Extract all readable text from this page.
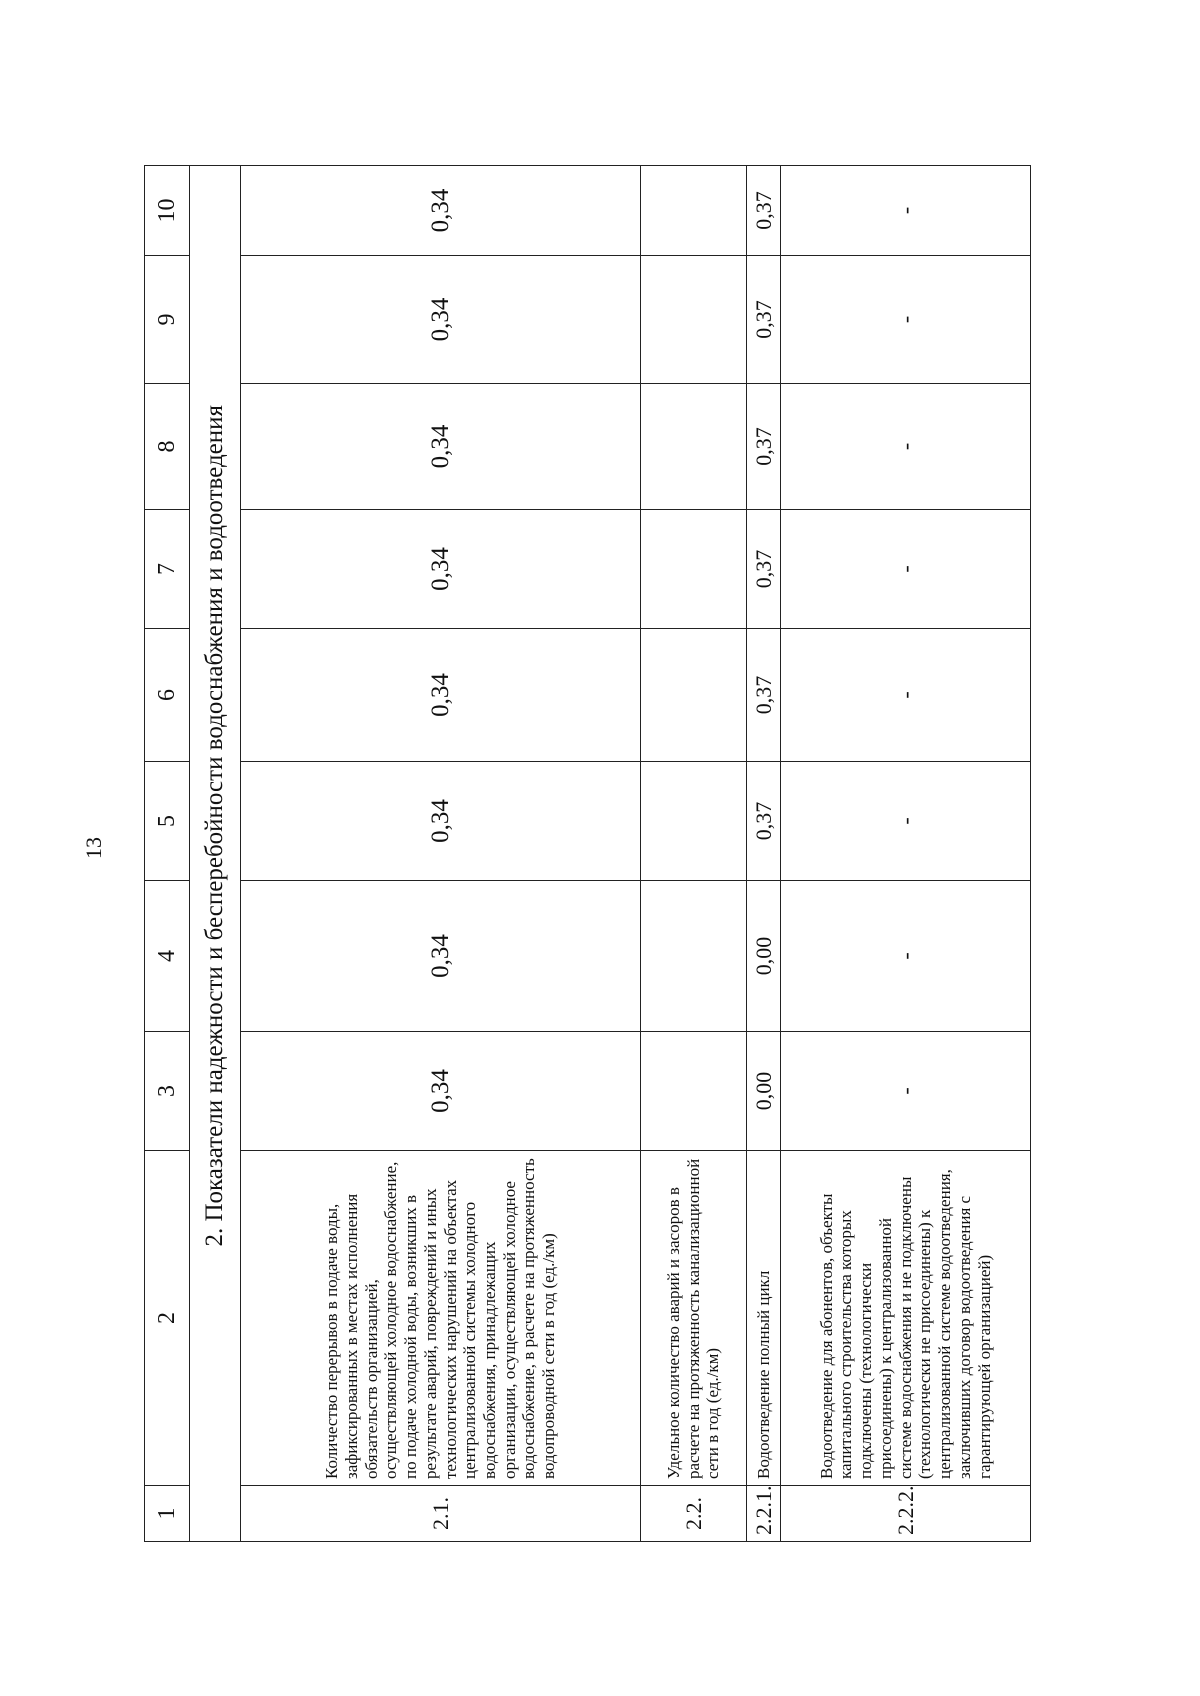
13
1	2	3	4	5	6	7	8	9	10
	2. Показатели надежности и бесперебойности водоснабжения и водоотведения								
2.1.	Количество перерывов в подаче воды, зафиксированных в местах исполнения обязательств организацией, осуществляющей холодное водоснабжение, по подаче холодной воды, возникших в результате аварий, повреждений и иных технологических нарушений на объектах централизованной системы холодного водоснабжения, принадлежащих организации, осуществляющей холодное водоснабжение, в расчете на протяженность водопроводной сети в год (ед./км)	0,34	0,34	0,34	0,34	0,34	0,34	0,34	0,34
2.2.	Удельное количество аварий и засоров в расчете на протяженность канализационной сети в год (ед./км)								
2.2.1.	Водоотведение полный цикл	0,00	0,00	0,37	0,37	0,37	0,37	0,37	0,37
2.2.2.	Водоотведение для абонентов, объекты капитального строительства которых подключены (технологически присоединены) к централизованной системе водоснабжения и не подключены (технологически не присоединены) к централизованной системе водоотведения, заключивших договор водоотведения с гарантирующей организацией)	-	-	-	-	-	-	-	-
